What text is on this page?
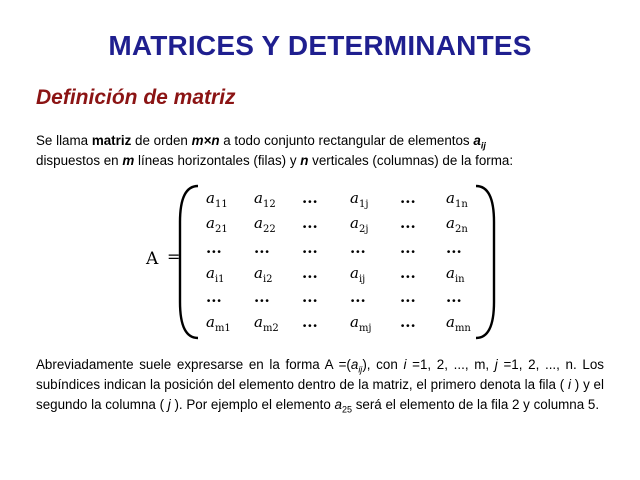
MATRICES Y DETERMINANTES
Definición de matriz
Se llama matriz de orden m×n a todo conjunto rectangular de elementos $a_{ij}$
dispuestos en m líneas horizontales (filas) y n verticales (columnas) de la forma:
A =
$a_{11}$ $a_{12}$ ... $a_{1j}$ ... $a_{1n}$
$a_{21}$ $a_{22}$ ... $a_{2j}$ ... $a_{2n}$
... ... ... ... ... ...
$a_{i1}$ $a_{i2}$ ... $a_{ij}$ ... $a_{in}$
... ... ... ... ... ...
$a_{m1}$ $a_{m2}$ ... $a_{mj}$ ... $a_{mn}$
Abreviadamente suele expresarse en la forma $A =(a_{ij})$, con i =1, 2, ..., m, j =1, 2, ..., n. Los subíndices indican la posición del elemento dentro de la matriz, el primero denota la fila ( i ) y el segundo la columna ( j ). Por ejemplo el elemento $a_{25}$ será el elemento de la fila 2 y columna 5.
